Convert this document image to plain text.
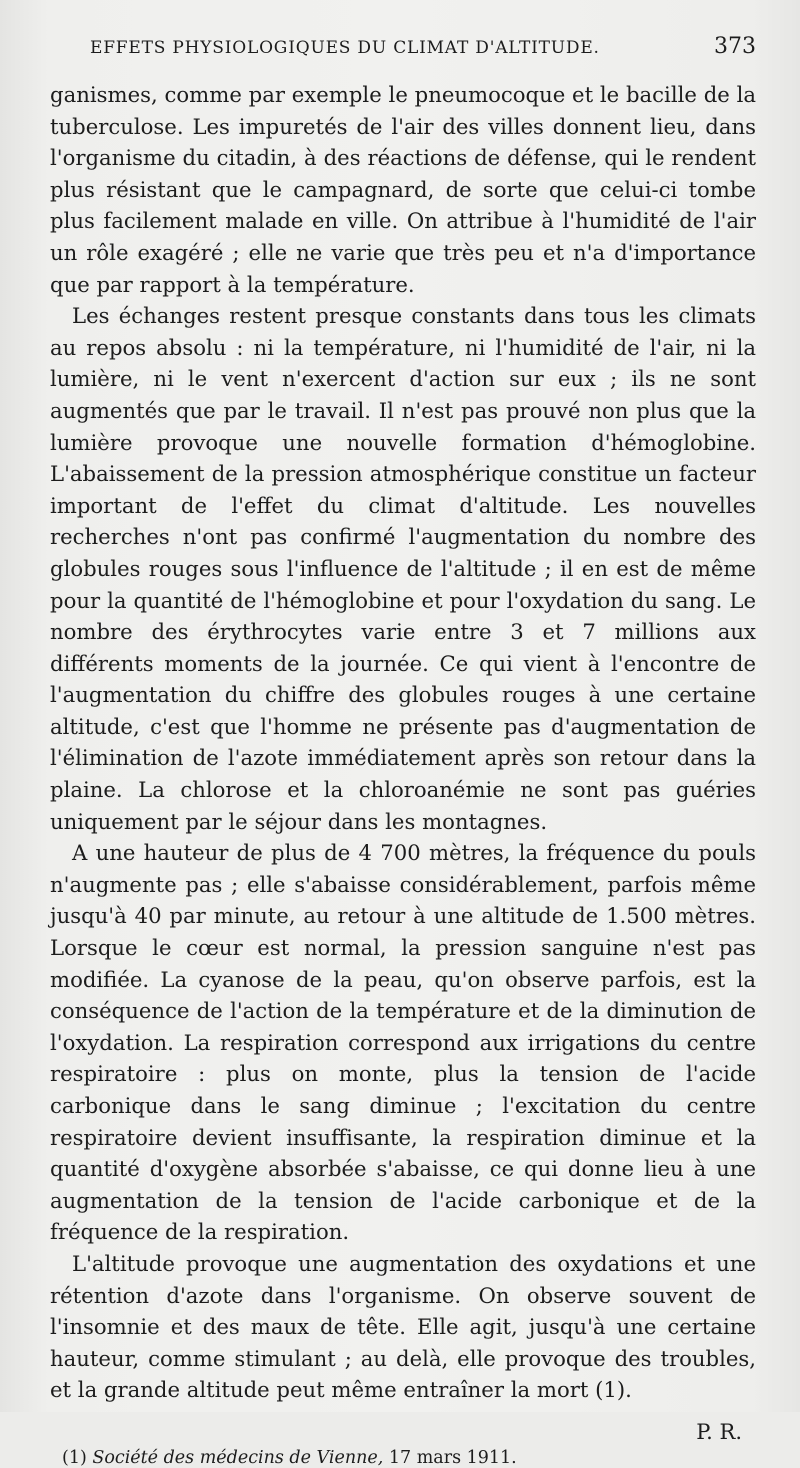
EFFETS PHYSIOLOGIQUES DU CLIMAT D'ALTITUDE.	373

ganismes, comme par exemple le pneumocoque et le bacille de la tuberculose. Les impuretés de l'air des villes donnent lieu, dans l'organisme du citadin, à des réactions de défense, qui le rendent plus résistant que le campagnard, de sorte que celui-ci tombe plus facilement malade en ville. On attribue à l'humidité de l'air un rôle exagéré ; elle ne varie que très peu et n'a d'importance que par rapport à la température.

Les échanges restent presque constants dans tous les climats au repos absolu : ni la température, ni l'humidité de l'air, ni la lumière, ni le vent n'exercent d'action sur eux ; ils ne sont augmentés que par le travail. Il n'est pas prouvé non plus que la lumière provoque une nouvelle formation d'hémoglobine. L'abaissement de la pression atmosphérique constitue un facteur important de l'effet du climat d'altitude. Les nouvelles recherches n'ont pas confirmé l'augmentation du nombre des globules rouges sous l'influence de l'altitude ; il en est de même pour la quantité de l'hémoglobine et pour l'oxydation du sang. Le nombre des érythrocytes varie entre 3 et 7 millions aux différents moments de la journée. Ce qui vient à l'encontre de l'augmentation du chiffre des globules rouges à une certaine altitude, c'est que l'homme ne présente pas d'augmentation de l'élimination de l'azote immédiatement après son retour dans la plaine. La chlorose et la chloroanémie ne sont pas guéries uniquement par le séjour dans les montagnes.

A une hauteur de plus de 4 700 mètres, la fréquence du pouls n'augmente pas ; elle s'abaisse considérablement, parfois même jusqu'à 40 par minute, au retour à une altitude de 1.500 mètres. Lorsque le cœur est normal, la pression sanguine n'est pas modifiée. La cyanose de la peau, qu'on observe parfois, est la conséquence de l'action de la température et de la diminution de l'oxydation. La respiration correspond aux irrigations du centre respiratoire : plus on monte, plus la tension de l'acide carbonique dans le sang diminue ; l'excitation du centre respiratoire devient insuffisante, la respiration diminue et la quantité d'oxygène absorbée s'abaisse, ce qui donne lieu à une augmentation de la tension de l'acide carbonique et de la fréquence de la respiration.

L'altitude provoque une augmentation des oxydations et une rétention d'azote dans l'organisme. On observe souvent de l'insomnie et des maux de tête. Elle agit, jusqu'à une certaine hauteur, comme stimulant ; au delà, elle provoque des troubles, et la grande altitude peut même entraîner la mort (1).

P. R.
(1) Société des médecins de Vienne, 17 mars 1911.
